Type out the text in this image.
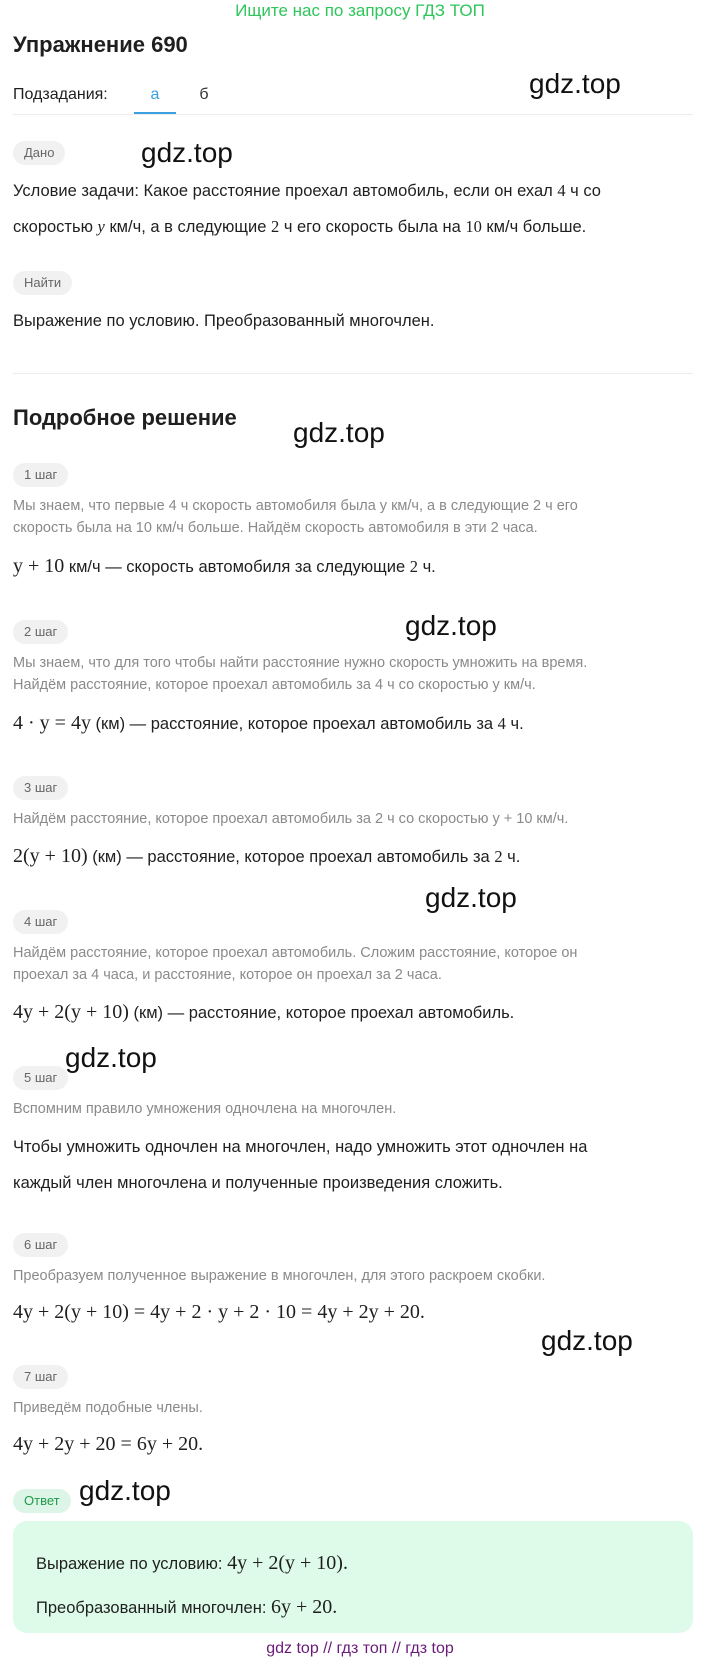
Ищите нас по запросу ГДЗ ТОП
Упражнение 690
Подзадания:	а	б
Дано
Условие задачи: Какое расстояние проехал автомобиль, если он ехал 4 ч со
скоростью y км/ч, а в следующие 2 ч его скорость была на 10 км/ч больше.
Найти
Выражение по условию. Преобразованный многочлен.
Подробное решение
1 шаг
Мы знаем, что первые 4 ч скорость автомобиля была y км/ч, а в следующие 2 ч его
скорость была на 10 км/ч больше. Найдём скорость автомобиля в эти 2 часа.
y + 10 км/ч — скорость автомобиля за следующие 2 ч.
2 шаг
Мы знаем, что для того чтобы найти расстояние нужно скорость умножить на время.
Найдём расстояние, которое проехал автомобиль за 4 ч со скоростью y км/ч.
4 · y = 4y (км) — расстояние, которое проехал автомобиль за 4 ч.
3 шаг
Найдём расстояние, которое проехал автомобиль за 2 ч со скоростью y + 10 км/ч.
2(y + 10) (км) — расстояние, которое проехал автомобиль за 2 ч.
4 шаг
Найдём расстояние, которое проехал автомобиль. Сложим расстояние, которое он
проехал за 4 часа, и расстояние, которое он проехал за 2 часа.
4y + 2(y + 10) (км) — расстояние, которое проехал автомобиль.
5 шаг
Вспомним правило умножения одночлена на многочлен.
Чтобы умножить одночлен на многочлен, надо умножить этот одночлен на
каждый член многочлена и полученные произведения сложить.
6 шаг
Преобразуем полученное выражение в многочлен, для этого раскроем скобки.
4y + 2(y + 10) = 4y + 2 · y + 2 · 10 = 4y + 2y + 20.
7 шаг
Приведём подобные члены.
4y + 2y + 20 = 6y + 20.
Ответ
Выражение по условию: 4y + 2(y + 10).
Преобразованный многочлен: 6y + 20.
gdz.top
gdz.top
gdz.top
gdz.top
gdz.top
gdz.top
gdz.top
gdz.top
gdz top // гдз топ // гдз top
